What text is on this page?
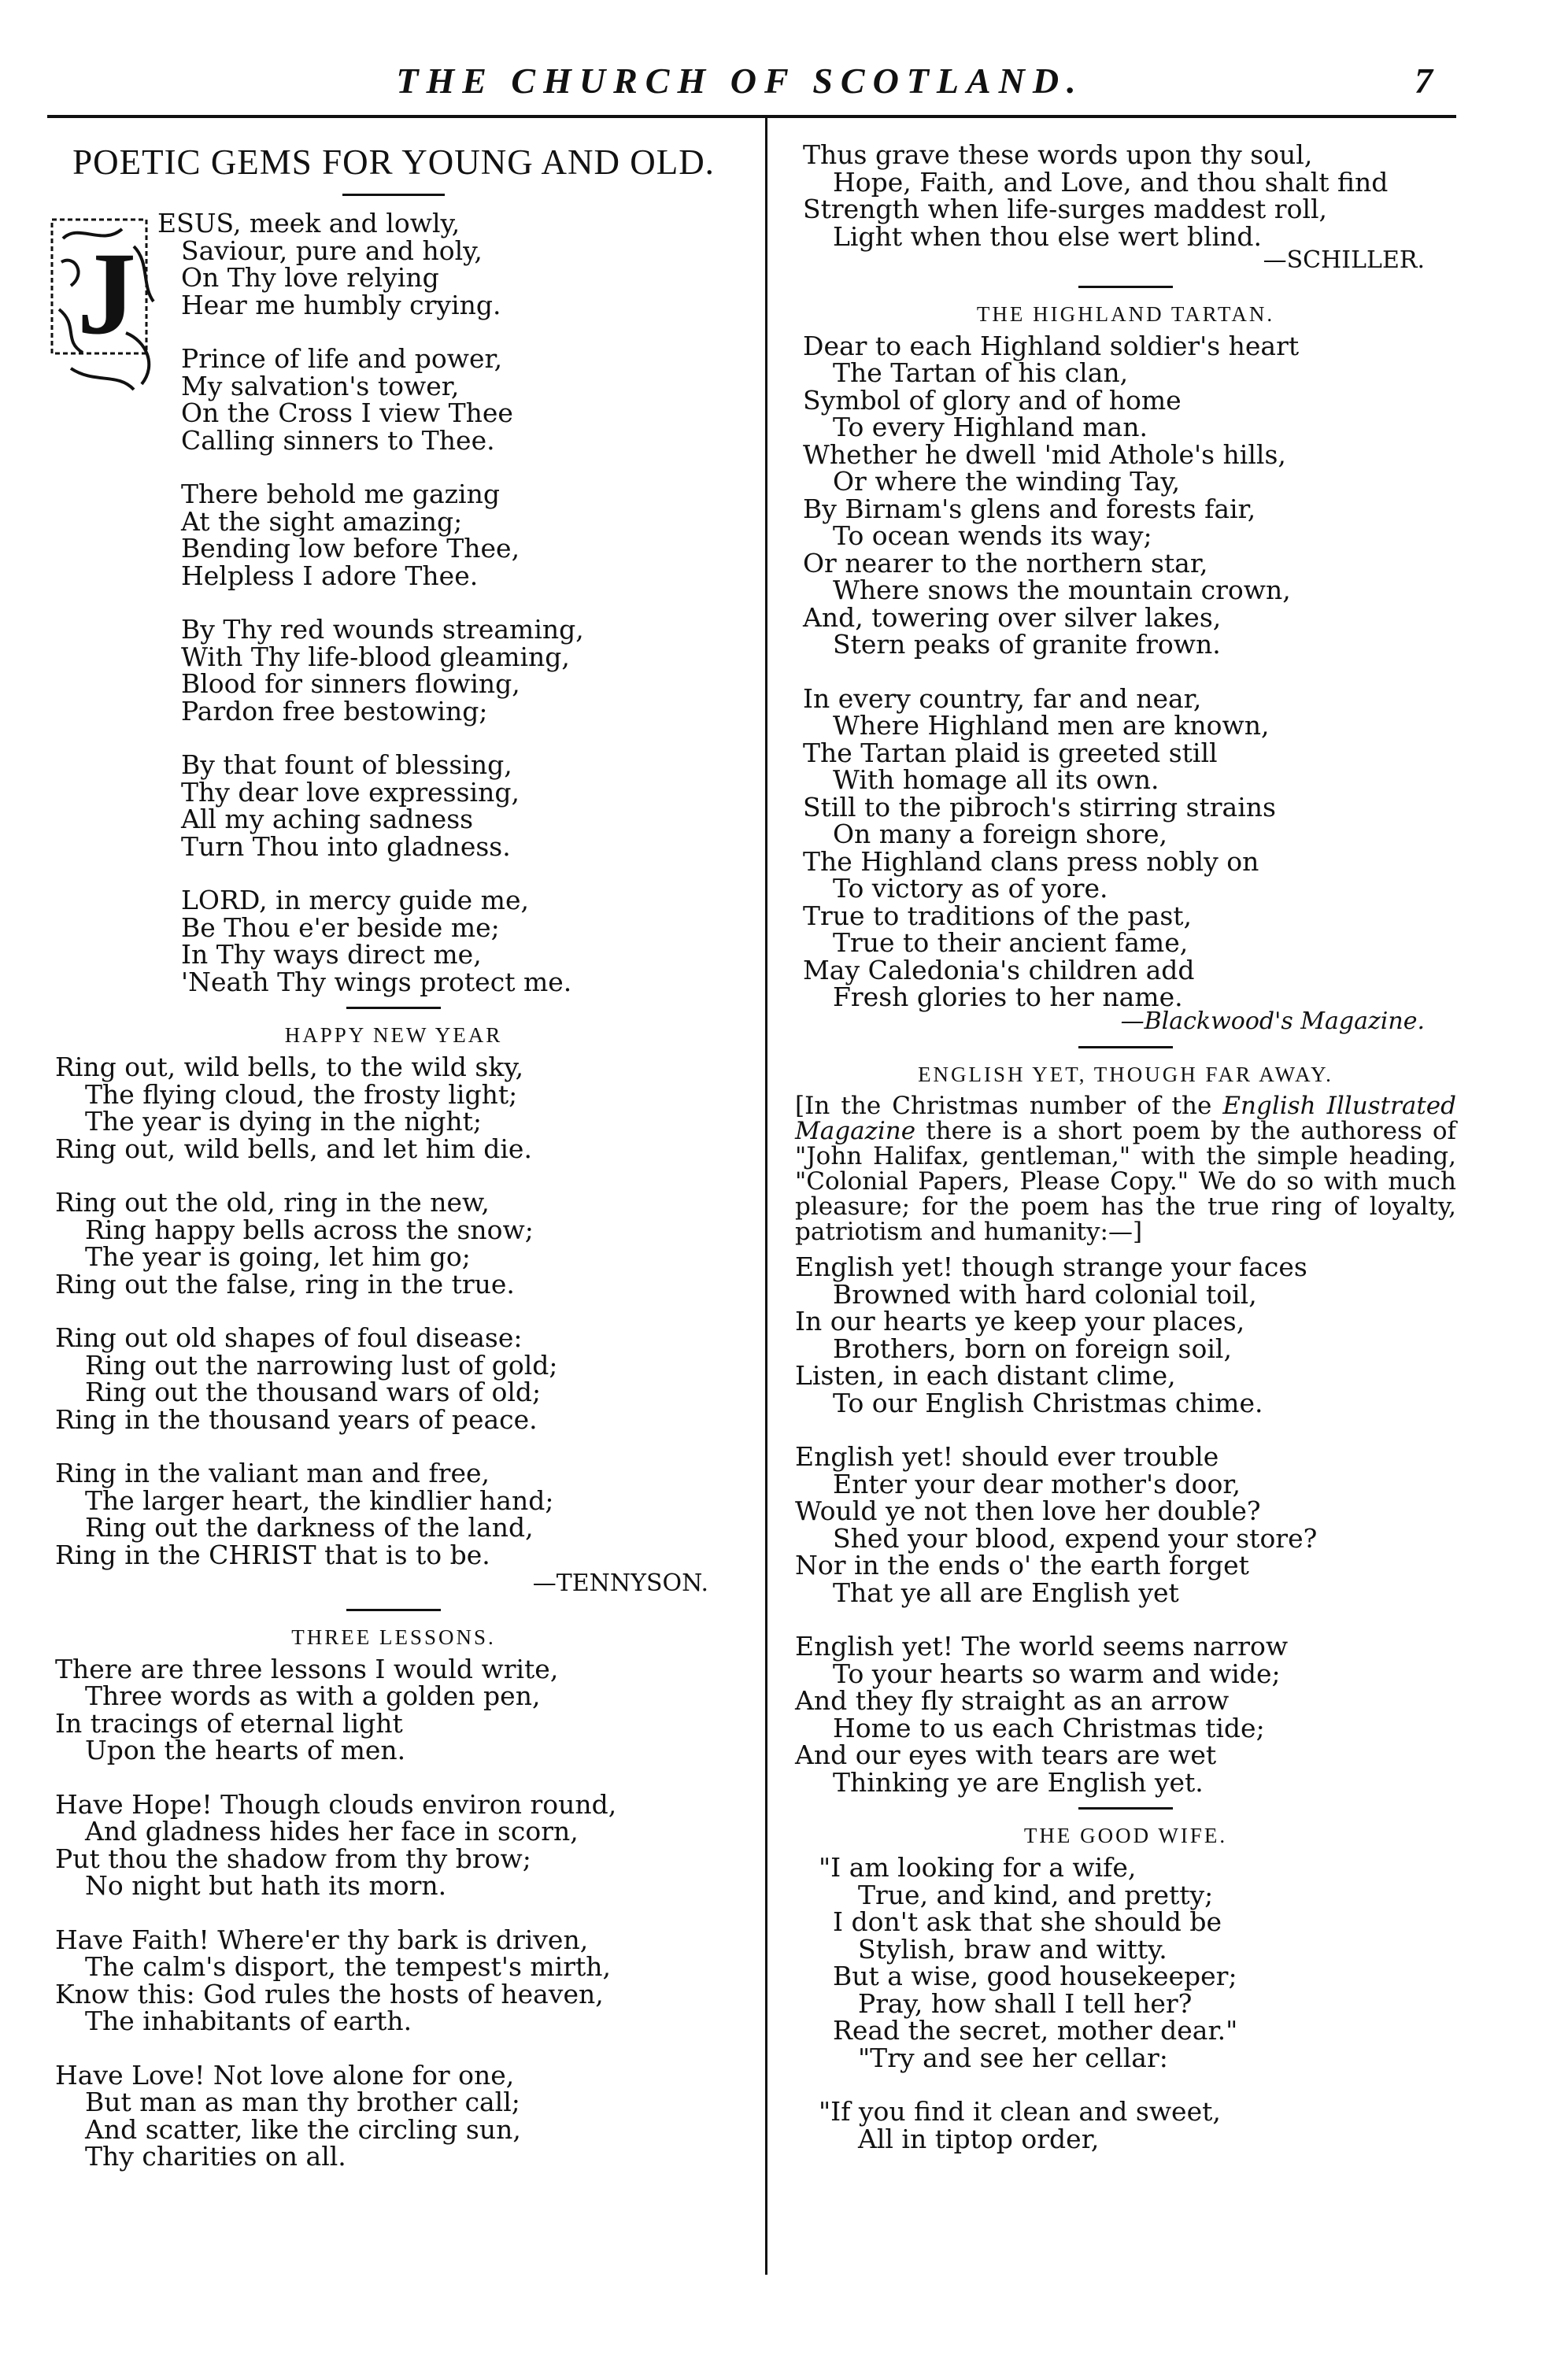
THE CHURCH OF SCOTLAND.	7
POETIC GEMS FOR YOUNG AND OLD.
J
ESUS, meek and lowly,
Saviour, pure and holy,
On Thy love relying
Hear me humbly crying.
Prince of life and power,
My salvation's tower,
On the Cross I view Thee
Calling sinners to Thee.
There behold me gazing
At the sight amazing;
Bending low before Thee,
Helpless I adore Thee.
By Thy red wounds streaming,
With Thy life-blood gleaming,
Blood for sinners flowing,
Pardon free bestowing;
By that fount of blessing,
Thy dear love expressing,
All my aching sadness
Turn Thou into gladness.
LORD, in mercy guide me,
Be Thou e'er beside me;
In Thy ways direct me,
'Neath Thy wings protect me.
HAPPY NEW YEAR
Ring out, wild bells, to the wild sky,
The flying cloud, the frosty light;
The year is dying in the night;
Ring out, wild bells, and let him die.
Ring out the old, ring in the new,
Ring happy bells across the snow;
The year is going, let him go;
Ring out the false, ring in the true.
Ring out old shapes of foul disease:
Ring out the narrowing lust of gold;
Ring out the thousand wars of old;
Ring in the thousand years of peace.
Ring in the valiant man and free,
The larger heart, the kindlier hand;
Ring out the darkness of the land,
Ring in the CHRIST that is to be.
—TENNYSON.
THREE LESSONS.
There are three lessons I would write,
Three words as with a golden pen,
In tracings of eternal light
Upon the hearts of men.
Have Hope! Though clouds environ round,
And gladness hides her face in scorn,
Put thou the shadow from thy brow;
No night but hath its morn.
Have Faith! Where'er thy bark is driven,
The calm's disport, the tempest's mirth,
Know this: God rules the hosts of heaven,
The inhabitants of earth.
Have Love! Not love alone for one,
But man as man thy brother call;
And scatter, like the circling sun,
Thy charities on all.
Thus grave these words upon thy soul,
Hope, Faith, and Love, and thou shalt find
Strength when life-surges maddest roll,
Light when thou else wert blind.
—SCHILLER.
THE HIGHLAND TARTAN.
Dear to each Highland soldier's heart
The Tartan of his clan,
Symbol of glory and of home
To every Highland man.
Whether he dwell 'mid Athole's hills,
Or where the winding Tay,
By Birnam's glens and forests fair,
To ocean wends its way;
Or nearer to the northern star,
Where snows the mountain crown,
And, towering over silver lakes,
Stern peaks of granite frown.
In every country, far and near,
Where Highland men are known,
The Tartan plaid is greeted still
With homage all its own.
Still to the pibroch's stirring strains
On many a foreign shore,
The Highland clans press nobly on
To victory as of yore.
True to traditions of the past,
True to their ancient fame,
May Caledonia's children add
Fresh glories to her name.
—Blackwood's Magazine.
ENGLISH YET, THOUGH FAR AWAY.
[In the Christmas number of the English Illustrated Magazine there is a short poem by the authoress of "John Halifax, gentleman," with the simple heading, "Colonial Papers, Please Copy." We do so with much pleasure; for the poem has the true ring of loyalty, patriotism and humanity:—]
English yet! though strange your faces
Browned with hard colonial toil,
In our hearts ye keep your places,
Brothers, born on foreign soil,
Listen, in each distant clime,
To our English Christmas chime.
English yet! should ever trouble
Enter your dear mother's door,
Would ye not then love her double?
Shed your blood, expend your store?
Nor in the ends o' the earth forget
That ye all are English yet
English yet! The world seems narrow
To your hearts so warm and wide;
And they fly straight as an arrow
Home to us each Christmas tide;
And our eyes with tears are wet
Thinking ye are English yet.
THE GOOD WIFE.
"I am looking for a wife,
True, and kind, and pretty;
I don't ask that she should be
Stylish, braw and witty.
But a wise, good housekeeper;
Pray, how shall I tell her?
Read the secret, mother dear."
"Try and see her cellar:
"If you find it clean and sweet,
All in tiptop order,
